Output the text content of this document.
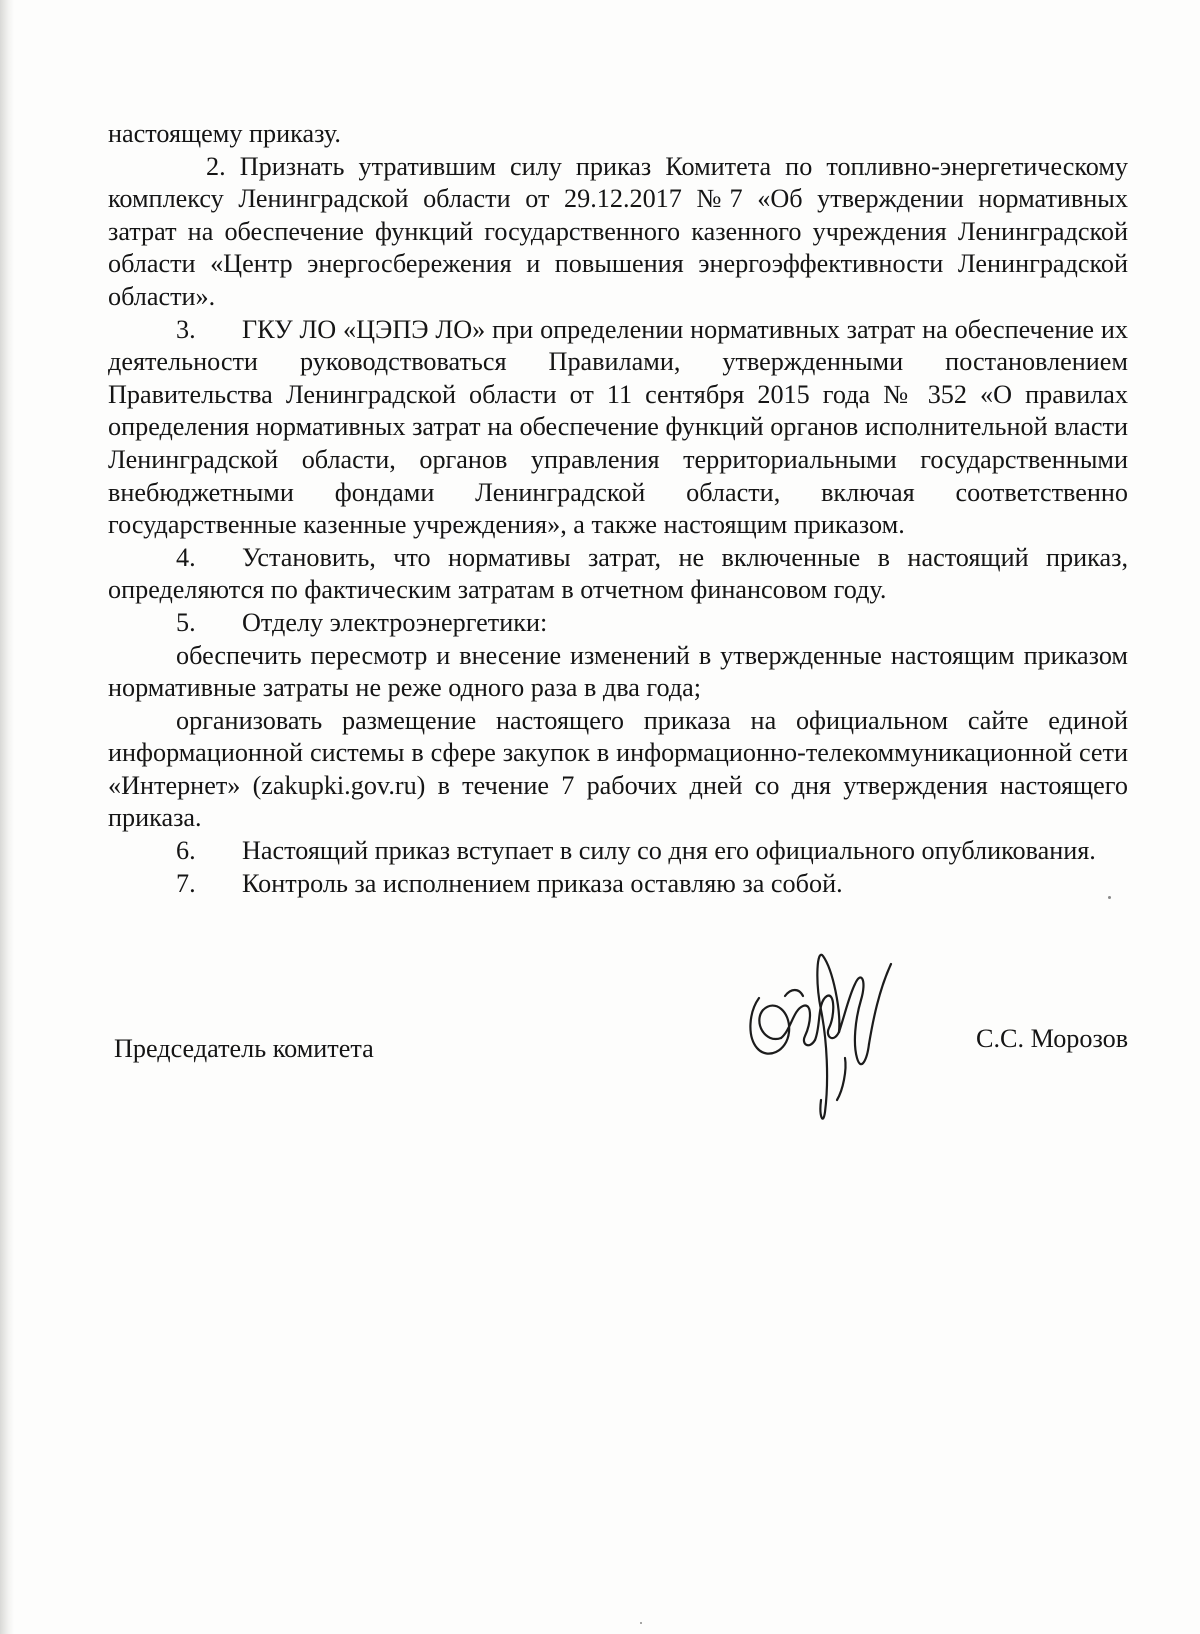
настоящему приказу.

2. Признать утратившим силу приказ Комитета по топливно-энергетическому комплексу Ленинградской области от 29.12.2017 №7 «Об утверждении нормативных затрат на обеспечение функций государственного казенного учреждения Ленинградской области «Центр энергосбережения и повышения энергоэффективности Ленинградской области».

3. ГКУ ЛО «ЦЭПЭ ЛО» при определении нормативных затрат на обеспечение их деятельности руководствоваться Правилами, утвержденными постановлением Правительства Ленинградской области от 11 сентября 2015 года № 352 «О правилах определения нормативных затрат на обеспечение функций органов исполнительной власти Ленинградской области, органов управления территориальными государственными внебюджетными фондами Ленинградской области, включая соответственно государственные казенные учреждения», а также настоящим приказом.

4. Установить, что нормативы затрат, не включенные в настоящий приказ, определяются по фактическим затратам в отчетном финансовом году.

5. Отделу электроэнергетики:

обеспечить пересмотр и внесение изменений в утвержденные настоящим приказом нормативные затраты не реже одного раза в два года;

организовать размещение настоящего приказа на официальном сайте единой информационной системы в сфере закупок в информационно-телекоммуникационной сети «Интернет» (zakupki.gov.ru) в течение 7 рабочих дней со дня утверждения настоящего приказа.

6. Настоящий приказ вступает в силу со дня его официального опубликования.

7. Контроль за исполнением приказа оставляю за собой.

Председатель комитета	С.С. Морозов
